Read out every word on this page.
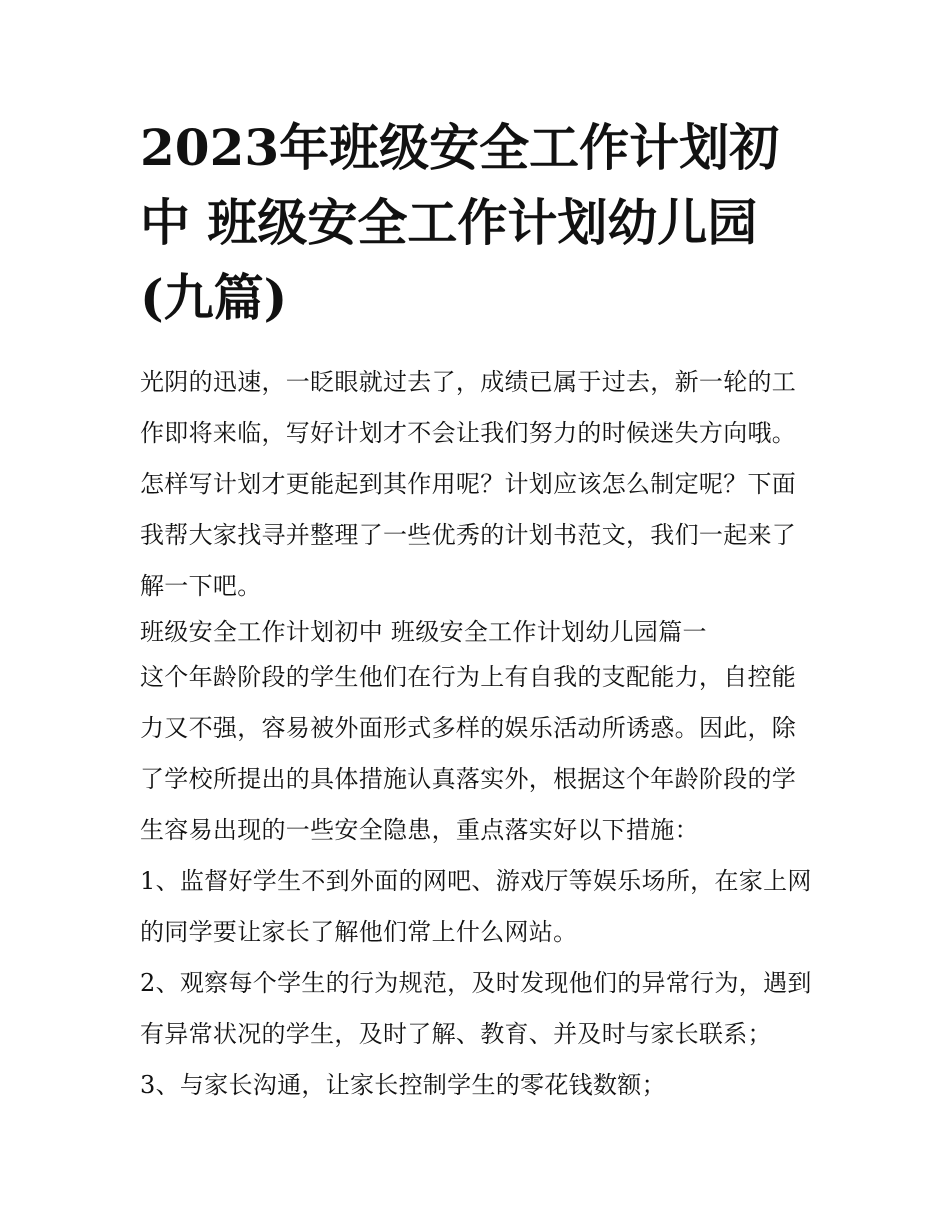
2023年班级安全工作计划初中 班级安全工作计划幼儿园(九篇)

光阴的迅速，一眨眼就过去了，成绩已属于过去，新一轮的工作即将来临，写好计划才不会让我们努力的时候迷失方向哦。怎样写计划才更能起到其作用呢？计划应该怎么制定呢？下面我帮大家找寻并整理了一些优秀的计划书范文，我们一起来了解一下吧。

班级安全工作计划初中 班级安全工作计划幼儿园篇一

这个年龄阶段的学生他们在行为上有自我的支配能力，自控能力又不强，容易被外面形式多样的娱乐活动所诱惑。因此，除了学校所提出的具体措施认真落实外，根据这个年龄阶段的学生容易出现的一些安全隐患，重点落实好以下措施：

1、监督好学生不到外面的网吧、游戏厅等娱乐场所，在家上网的同学要让家长了解他们常上什么网站。

2、观察每个学生的行为规范，及时发现他们的异常行为，遇到有异常状况的学生，及时了解、教育、并及时与家长联系；

3、与家长沟通，让家长控制学生的零花钱数额；
